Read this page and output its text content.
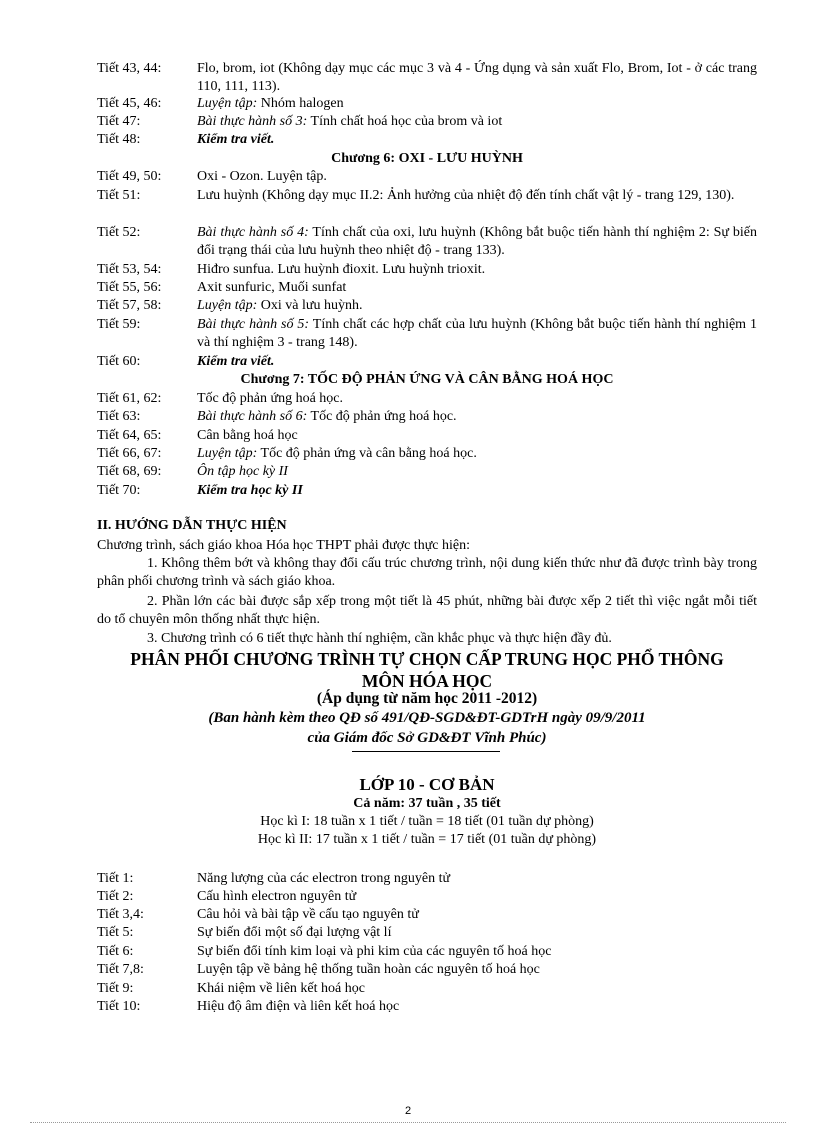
Tiết 43, 44:	Flo, brom, iot (Không dạy mục các mục 3 và 4 - Ứng dụng và sản xuất Flo, Brom, Iot - ở các trang 110, 111, 113).
Tiết 45, 46:	Luyện tập: Nhóm halogen
Tiết 47:	Bài thực hành số 3: Tính chất hoá học của brom và iot
Tiết 48:	Kiểm tra viết.
Chương 6: OXI - LƯU HUỲNH
Tiết 49, 50:	Oxi - Ozon. Luyện tập.
Tiết 51:	Lưu huỳnh (Không dạy mục II.2: Ảnh hưởng của nhiệt độ đến tính chất vật lý - trang 129, 130).
Tiết 52:	Bài thực hành số 4: Tính chất của oxi, lưu huỳnh (Không bắt buộc tiến hành thí nghiệm 2: Sự biến đổi trạng thái của lưu huỳnh theo nhiệt độ - trang 133).
Tiết 53, 54:	Hiđro sunfua. Lưu huỳnh đioxit. Lưu huỳnh trioxit.
Tiết 55, 56:	Axit sunfuric, Muối sunfat
Tiết 57, 58:	Luyện tập: Oxi và lưu huỳnh.
Tiết 59:	Bài thực hành số 5: Tính chất các hợp chất của lưu huỳnh (Không bắt buộc tiến hành thí nghiệm 1 và thí nghiệm 3 - trang 148).
Tiết 60:	Kiểm tra viết.
Chương 7: TỐC ĐỘ PHẢN ỨNG VÀ CÂN BẰNG HOÁ HỌC
Tiết 61, 62:	Tốc độ phản ứng hoá học.
Tiết 63:	Bài thực hành số 6: Tốc độ phản ứng hoá học.
Tiết 64, 65:	Cân bằng hoá học
Tiết 66, 67:	Luyện tập: Tốc độ phản ứng và cân bằng hoá học.
Tiết 68, 69:	Ôn tập học kỳ II
Tiết 70:	Kiểm tra học kỳ II
II. HƯỚNG DẪN THỰC HIỆN
Chương trình, sách giáo khoa Hóa học THPT phải được thực hiện:
1. Không thêm bớt và không thay đổi cấu trúc chương trình, nội dung kiến thức như đã được trình bày trong phân phối chương trình và sách giáo khoa.
2. Phần lớn các bài được sắp xếp trong một tiết là 45 phút, những bài được xếp 2 tiết thì việc ngắt mỗi tiết do tổ chuyên môn thống nhất thực hiện.
3. Chương trình có 6 tiết thực hành thí nghiệm, cần khắc phục và thực hiện đầy đủ.
PHÂN PHỐI CHƯƠNG TRÌNH TỰ CHỌN CẤP TRUNG HỌC PHỔ THÔNG
MÔN HÓA HỌC
(Áp dụng từ năm học 2011 -2012)
(Ban hành kèm theo QĐ số 491/QĐ-SGD&ĐT-GDTrH ngày 09/9/2011
của Giám đốc Sở GD&ĐT Vĩnh Phúc)
LỚP 10 - CƠ BẢN
Cả năm: 37 tuần , 35 tiết
Học kì I: 18 tuần x 1 tiết / tuần = 18 tiết (01 tuần dự phòng)
Học kì II: 17 tuần x 1 tiết / tuần = 17 tiết (01 tuần dự phòng)
Tiết 1:	Năng lượng của các electron trong nguyên tử
Tiết 2:	Cấu hình electron nguyên tử
Tiết 3,4:	Câu hỏi và bài tập về cấu tạo nguyên tử
Tiết 5:	Sự biến đổi một số đại lượng vật lí
Tiết 6:	Sự biến đổi tính kim loại và phi kim của các nguyên tố hoá học
Tiết 7,8:	Luyện tập về bảng hệ thống tuần hoàn các nguyên tố hoá học
Tiết 9:	Khái niệm về liên kết hoá học
Tiết 10:	Hiệu độ âm điện và liên kết hoá học
2
